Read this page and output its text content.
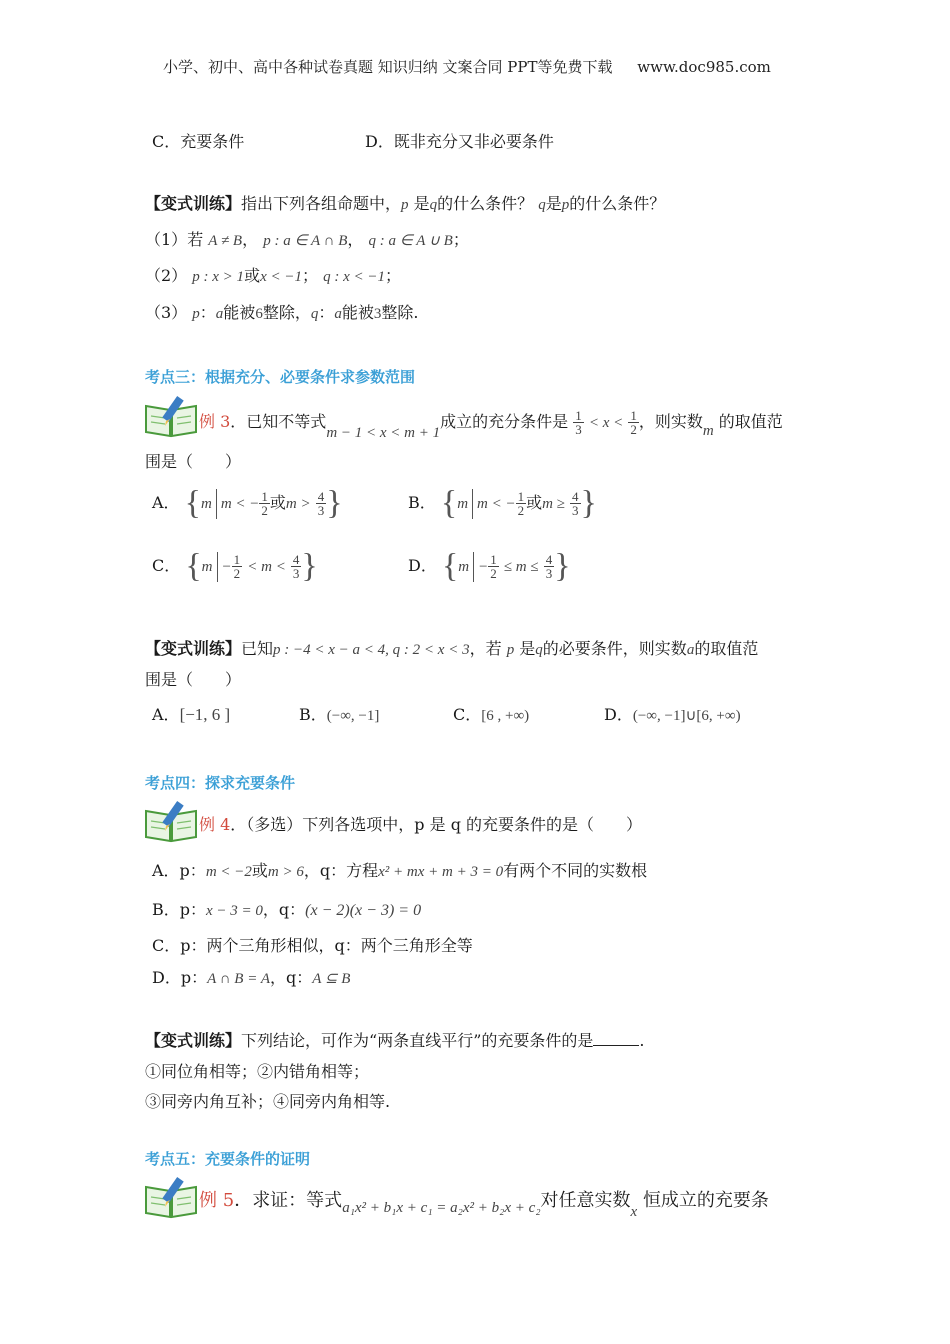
小学、初中、高中各种试卷真题 知识归纳 文案合同 PPT等免费下载 www.doc985.com
C．充要条件	D．既非充分又非必要条件
【变式训练】指出下列各组命题中，p 是q的什么条件？ q是p的什么条件？
（1）若 A ≠ B， p : a ∈ A ∩ B， q : a ∈ A ∪ B；
（2） p : x > 1或x < −1； q : x < −1；
（3） p：a能被6整除，q：a能被3整除.
考点三：根据充分、必要条件求参数范围
例 3．已知不等式m − 1 < x < m + 1成立的充分条件是 $\frac{1}{3} < x < \frac{1}{2}$ ，则实数m 的取值范
围是（　　）
A． {m m < − $\frac{1}{2}$ 或$m > \frac{4}{3}$ }	B． {m m < − $\frac{1}{2}$ 或$m \ge \frac{4}{3}$ }
C． {$m - \frac{1}{2} < m < \frac{4}{3}$ }	D． {$m - \frac{1}{2} \le m \le \frac{4}{3}$ }
【变式训练】已知p : −4 < x − a < 4, q : 2 < x < 3，若 p 是q的必要条件，则实数a的取值范
围是（　　）
A．[−1, 6 ]	B．(−∞, −1]	C．[6 , +∞)	D．(−∞, −1]∪[6, +∞)
考点四：探求充要条件
例 4．（多选）下列各选项中，p 是 q 的充要条件的是（　　）
A．p：m < −2或m > 6，q：方程x² + mx + m + 3 = 0有两个不同的实数根
B．p：x − 3 = 0，q：(x − 2)(x − 3) = 0
C．p：两个三角形相似，q：两个三角形全等
D．p：A ∩ B = A，q：A ⊆ B
【变式训练】下列结论，可作为“两条直线平行”的充要条件的是	.
①同位角相等；②内错角相等；
③同旁内角互补；④同旁内角相等.
考点五：充要条件的证明
例 5．求证：等式$_{a_1x^2 + b_1x + c_1 = a_2x^2 + b_2x + c_2}$对任意实数$_x$ 恒成立的充要条
